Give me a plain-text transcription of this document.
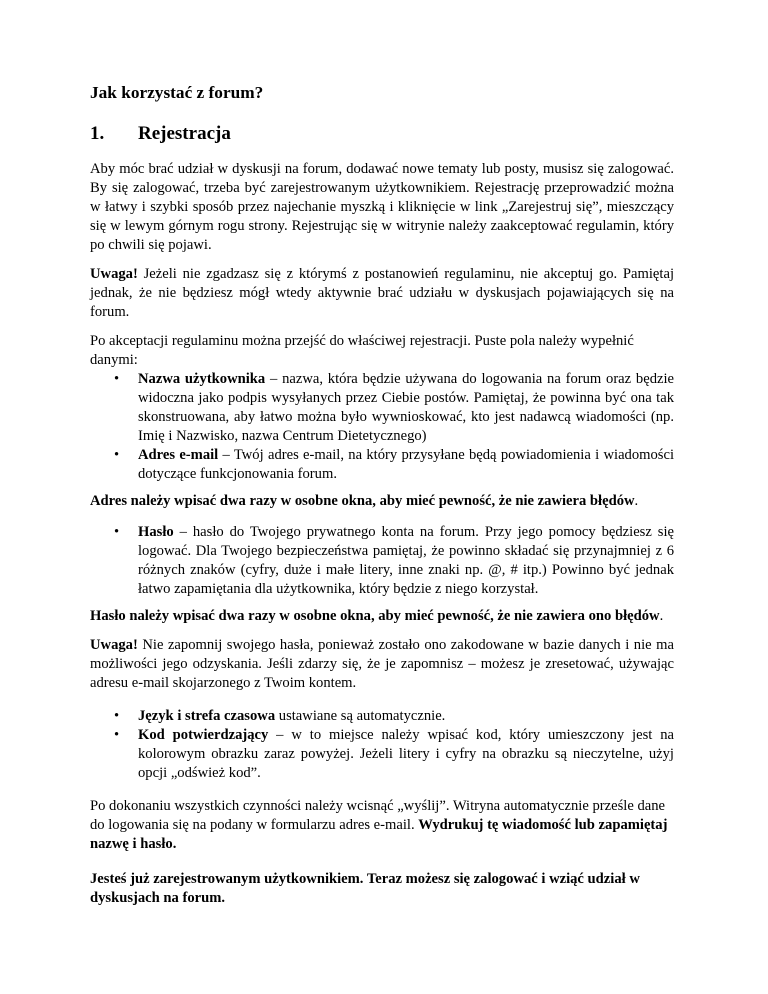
Jak korzystać z forum?
1.	Rejestracja

Aby móc brać udział w dyskusji na forum, dodawać nowe tematy lub posty, musisz się zalogować. By się zalogować, trzeba być zarejestrowanym użytkownikiem. Rejestrację przeprowadzić można w łatwy i szybki sposób przez najechanie myszką i kliknięcie w link „Zarejestruj się”, mieszczący się w lewym górnym rogu strony. Rejestrując się w witrynie należy zaakceptować regulamin, który po chwili się pojawi.

Uwaga! Jeżeli nie zgadzasz się z którymś z postanowień regulaminu, nie akceptuj go. Pamiętaj jednak, że nie będziesz mógł wtedy aktywnie brać udziału w dyskusjach pojawiających się na forum.

Po akceptacji regulaminu można przejść do właściwej rejestracji. Puste pola należy wypełnić danymi:

• Nazwa użytkownika – nazwa, która będzie używana do logowania na forum oraz będzie widoczna jako podpis wysyłanych przez Ciebie postów. Pamiętaj, że powinna być ona tak skonstruowana, aby łatwo można było wywnioskować, kto jest nadawcą wiadomości (np. Imię i Nazwisko, nazwa Centrum Dietetycznego)
• Adres e-mail – Twój adres e-mail, na który przysyłane będą powiadomienia i wiadomości dotyczące funkcjonowania forum.

Adres należy wpisać dwa razy w osobne okna, aby mieć pewność, że nie zawiera błędów.

• Hasło – hasło do Twojego prywatnego konta na forum. Przy jego pomocy będziesz się logować. Dla Twojego bezpieczeństwa pamiętaj, że powinno składać się przynajmniej z 6 różnych znaków (cyfry, duże i małe litery, inne znaki np. @, # itp.) Powinno być jednak łatwo zapamiętania dla użytkownika, który będzie z niego korzystał.

Hasło należy wpisać dwa razy w osobne okna, aby mieć pewność, że nie zawiera ono błędów.

Uwaga! Nie zapomnij swojego hasła, ponieważ zostało ono zakodowane w bazie danych i nie ma możliwości jego odzyskania. Jeśli zdarzy się, że je zapomnisz – możesz je zresetować, używając adresu e-mail skojarzonego z Twoim kontem.

• Język i strefa czasowa ustawiane są automatycznie.
• Kod potwierdzający – w to miejsce należy wpisać kod, który umieszczony jest na kolorowym obrazku zaraz powyżej. Jeżeli litery i cyfry na obrazku są nieczytelne, użyj opcji „odśwież kod”.

Po dokonaniu wszystkich czynności należy wcisnąć „wyślij”. Witryna automatycznie prześle dane do logowania się na podany w formularzu adres e-mail. Wydrukuj tę wiadomość lub zapamiętaj nazwę i hasło.

Jesteś już zarejestrowanym użytkownikiem. Teraz możesz się zalogować i wziąć udział w dyskusjach na forum.
